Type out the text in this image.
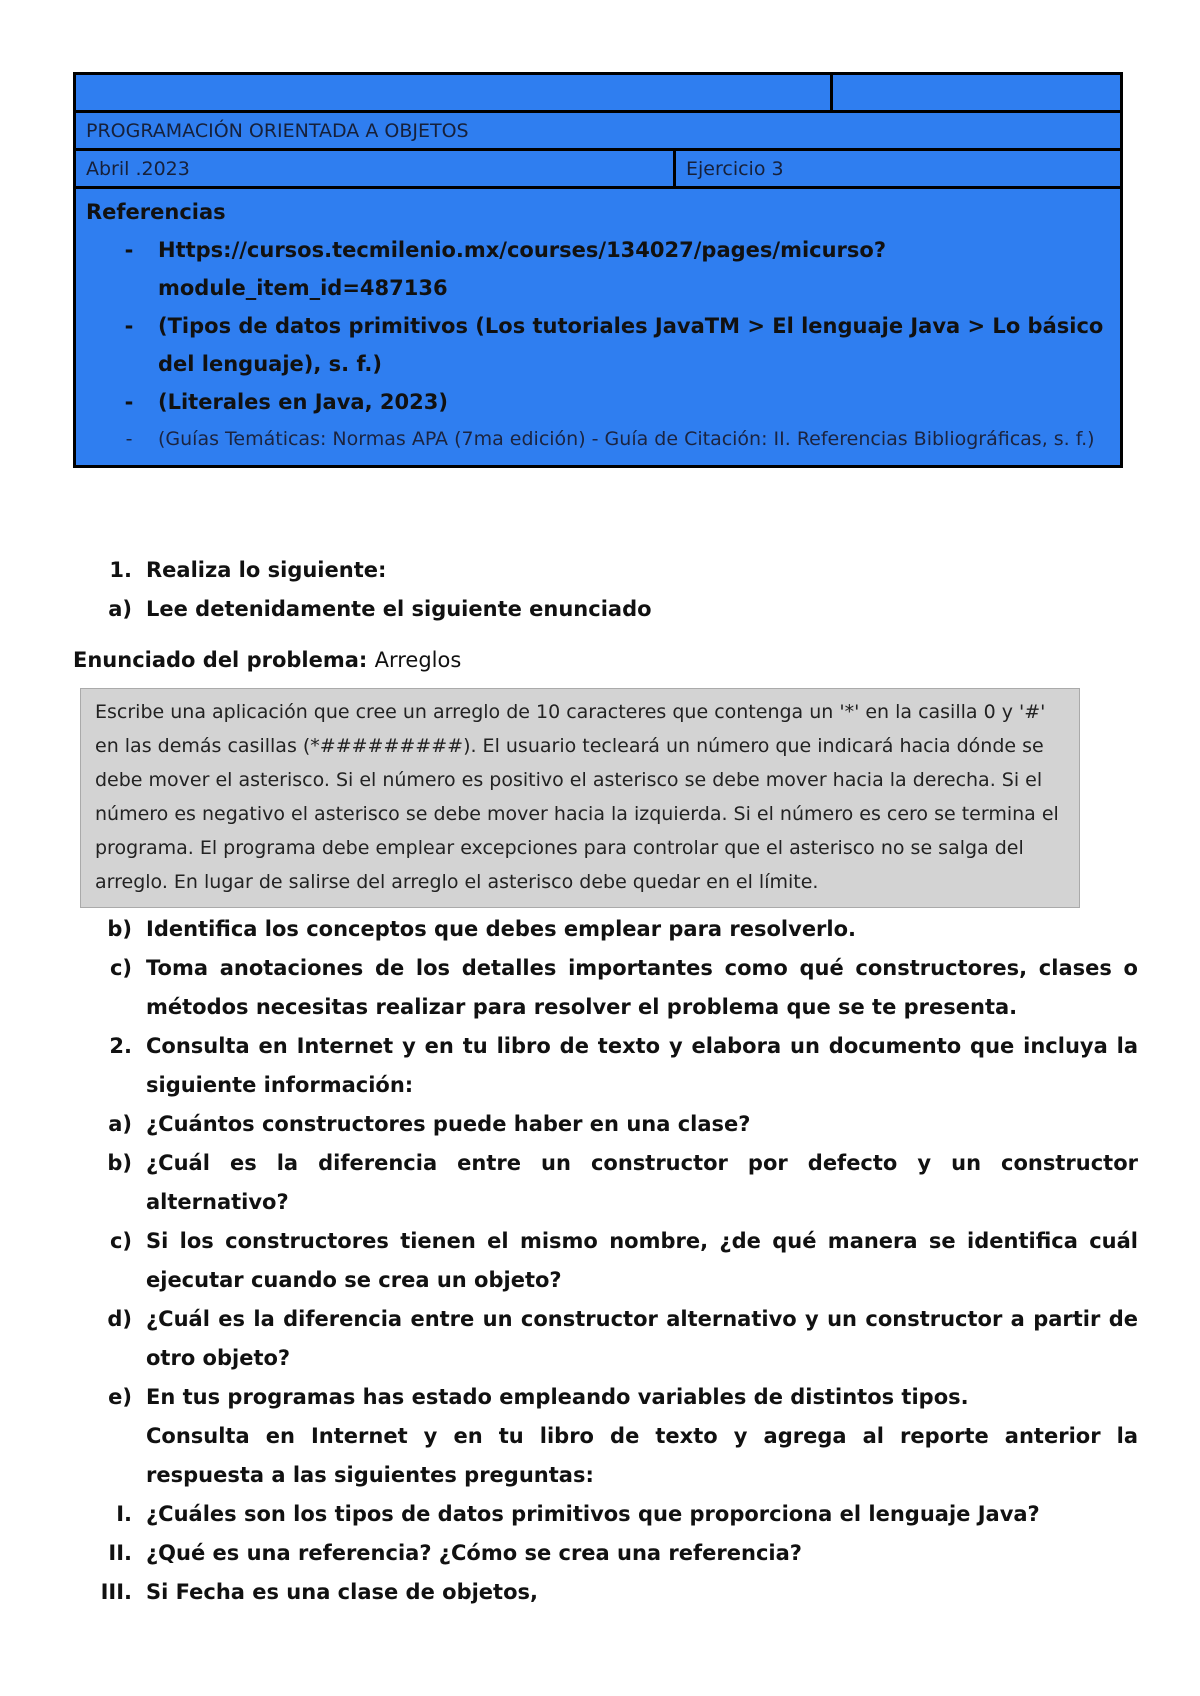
PROGRAMACIÓN ORIENTADA A OBJETOS
Abril .2023	Ejercicio 3
Referencias
-	Https://cursos.tecmilenio.mx/courses/134027/pages/micurso?module_item_id=487136
-	(Tipos de datos primitivos (Los tutoriales JavaTM > El lenguaje Java > Lo básico del lenguaje), s. f.)
-	(Literales en Java, 2023)
-	(Guías Temáticas: Normas APA (7ma edición) - Guía de Citación: II. Referencias Bibliográficas, s. f.)
1. Realiza lo siguiente:
a) Lee detenidamente el siguiente enunciado
Enunciado del problema: Arreglos
Escribe una aplicación que cree un arreglo de 10 caracteres que contenga un '*' en la casilla 0 y '#' en las demás casillas (*#########). El usuario tecleará un número que indicará hacia dónde se debe mover el asterisco. Si el número es positivo el asterisco se debe mover hacia la derecha. Si el número es negativo el asterisco se debe mover hacia la izquierda. Si el número es cero se termina el programa. El programa debe emplear excepciones para controlar que el asterisco no se salga del arreglo. En lugar de salirse del arreglo el asterisco debe quedar en el límite.
b) Identifica los conceptos que debes emplear para resolverlo.
c) Toma anotaciones de los detalles importantes como qué constructores, clases o métodos necesitas realizar para resolver el problema que se te presenta.
2. Consulta en Internet y en tu libro de texto y elabora un documento que incluya la siguiente información:
a) ¿Cuántos constructores puede haber en una clase?
b) ¿Cuál es la diferencia entre un constructor por defecto y un constructor alternativo?
c) Si los constructores tienen el mismo nombre, ¿de qué manera se identifica cuál ejecutar cuando se crea un objeto?
d) ¿Cuál es la diferencia entre un constructor alternativo y un constructor a partir de otro objeto?
e) En tus programas has estado empleando variables de distintos tipos.
Consulta en Internet y en tu libro de texto y agrega al reporte anterior la respuesta a las siguientes preguntas:
I. ¿Cuáles son los tipos de datos primitivos que proporciona el lenguaje Java?
II. ¿Qué es una referencia? ¿Cómo se crea una referencia?
III. Si Fecha es una clase de objetos,
